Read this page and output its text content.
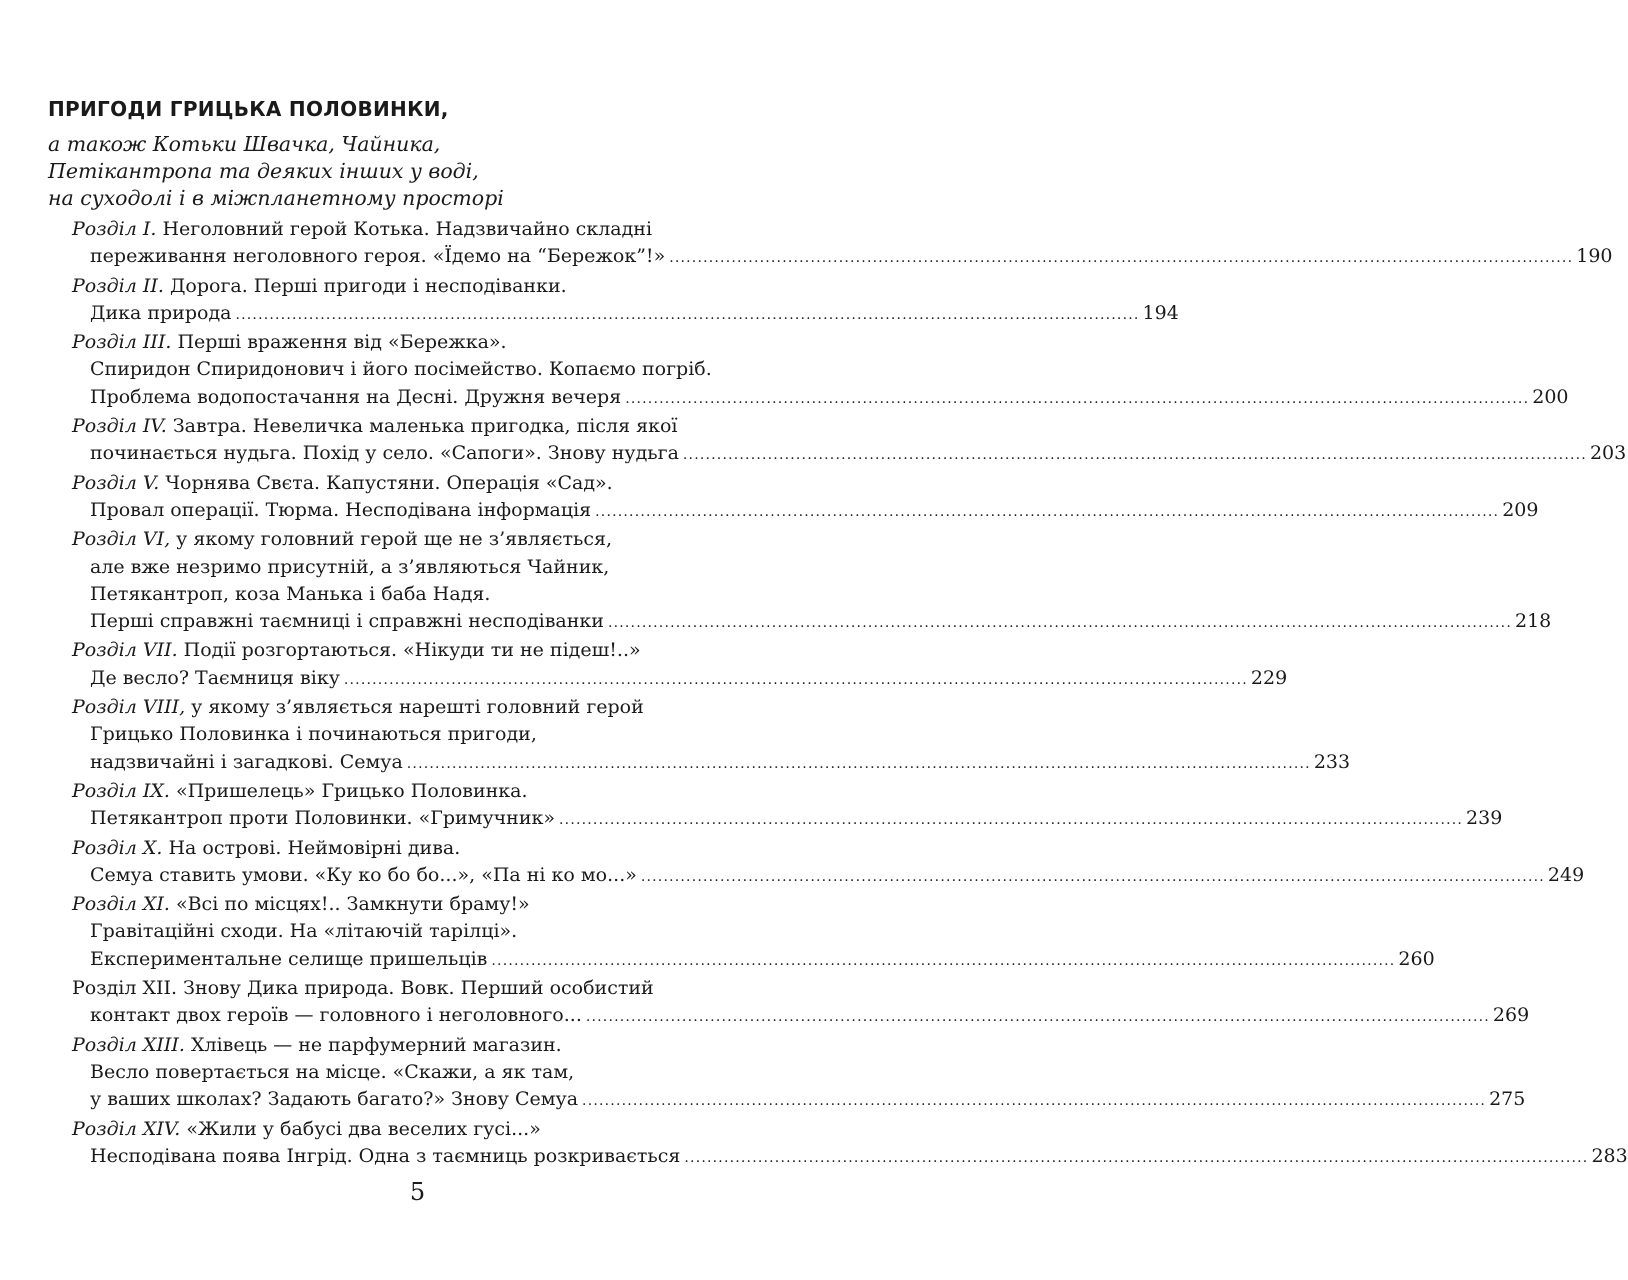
ПРИГОДИ ГРИЦЬКА ПОЛОВИНКИ,
а також Котьки Швачка, Чайника,
Петікантропа та деяких інших у воді,
на суходолі і в міжпланетному просторі
Розділ I.
Неголовний герой Котька. Надзвичайно складні
переживання неголовного героя. «Їдемо на “Бережок”!» ................................................................................................................................................................ 190
Розділ II.
Дорога. Перші пригоди і несподіванки.
Дика природа ................................................................................................................................................................ 194
Розділ III.
Перші враження від «Бережка».
Спиридон Спиридонович і його посімейство. Копаємо погріб.
Проблема водопостачання на Десні. Дружня вечеря ................................................................................................................................................................ 200
Розділ IV.
Завтра. Невеличка маленька пригодка, після якої
починається нудьга. Похід у село. «Сапоги». Знову нудьга ................................................................................................................................................................ 203
Розділ V.
Чорнява Свєта. Капустяни. Операція «Сад».
Провал операції. Тюрма. Несподівана інформація ................................................................................................................................................................ 209
Розділ VI,
у якому головний герой ще не з’являється,
але вже незримо присутній, а з’являються Чайник,
Петякантроп, коза Манька і баба Надя.
Перші справжні таємниці і справжні несподіванки ................................................................................................................................................................ 218
Розділ VII.
Події розгортаються. «Нікуди ти не підеш!..»
Де весло? Таємниця віку ................................................................................................................................................................ 229
Розділ VIII,
у якому з’являється нарешті головний герой
Грицько Половинка і починаються пригоди,
надзвичайні і загадкові. Семуа ................................................................................................................................................................ 233
Розділ IX.
«Пришелець» Грицько Половинка.
Петякантроп проти Половинки. «Гримучник» ................................................................................................................................................................ 239
Розділ X.
На острові. Неймовірні дива.
Семуа ставить умови. «Ку ко бо бо...», «Па ні ко мо...» ................................................................................................................................................................ 249
Розділ XI.
«Всі по місцях!.. Замкнути браму!»
Гравітаційні сходи. На «літаючій тарілці».
Експериментальне селище пришельців ................................................................................................................................................................ 260
Розділ XII.
Знову Дика природа. Вовк. Перший особистий
контакт двох героїв — головного і неголовного... ................................................................................................................................................................ 269
Розділ XIII.
Хлівець — не парфумерний магазин.
Весло повертається на місце. «Скажи, а як там,
у ваших школах? Задають багато?» Знову Семуа ................................................................................................................................................................ 275
Розділ XIV.
«Жили у бабусі два веселих гусі...»
Несподівана поява Інгрід. Одна з таємниць розкривається ................................................................................................................................................................ 283
5
